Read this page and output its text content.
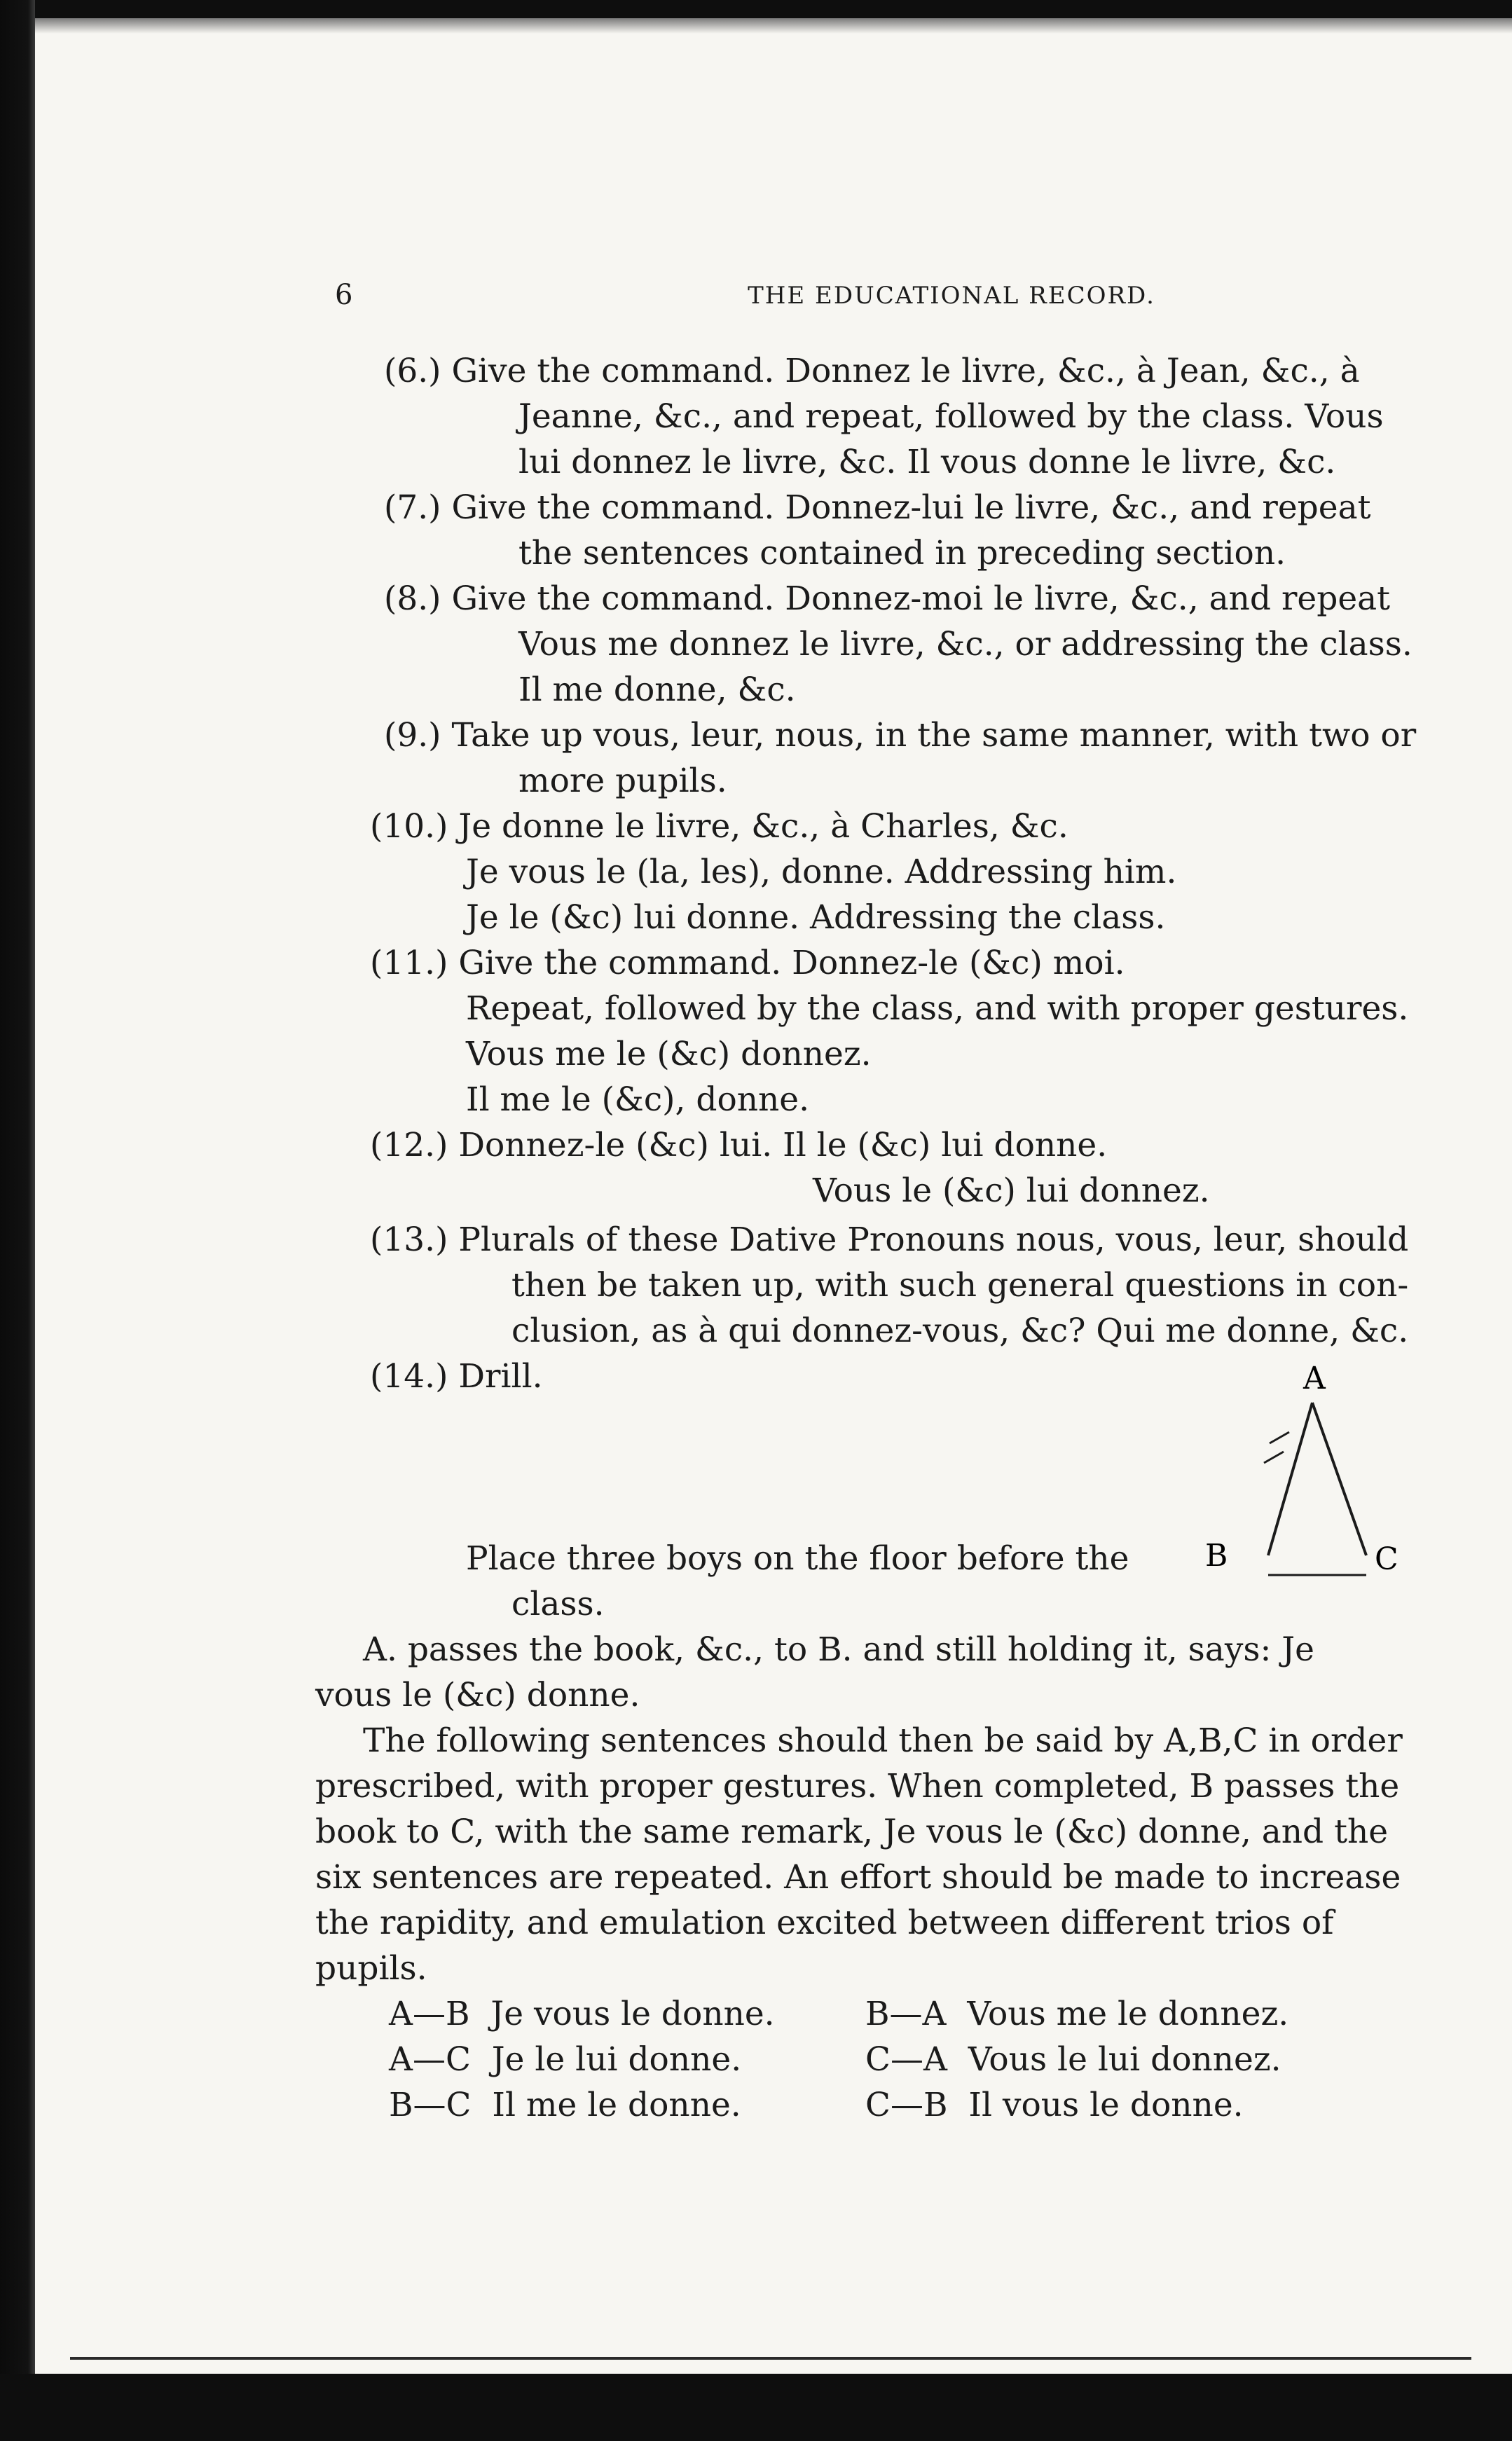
6	THE EDUCATIONAL RECORD.
(6.) Give the command. Donnez le livre, &c., à Jean, &c., à
Jeanne, &c., and repeat, followed by the class. Vous
lui donnez le livre, &c. Il vous donne le livre, &c.
(7.) Give the command. Donnez-lui le livre, &c., and repeat
the sentences contained in preceding section.
(8.) Give the command. Donnez-moi le livre, &c., and repeat
Vous me donnez le livre, &c., or addressing the class.
Il me donne, &c.
(9.) Take up vous, leur, nous, in the same manner, with two or
more pupils.
(10.) Je donne le livre, &c., à Charles, &c.
Je vous le (la, les), donne. Addressing him.
Je le (&c) lui donne. Addressing the class.
(11.) Give the command. Donnez-le (&c) moi.
Repeat, followed by the class, and with proper gestures.
Vous me le (&c) donnez.
Il me le (&c), donne.
(12.) Donnez-le (&c) lui. Il le (&c) lui donne.
Vous le (&c) lui donnez.
(13.) Plurals of these Dative Pronouns nous, vous, leur, should
then be taken up, with such general questions in con-
clusion, as à qui donnez-vous, &c? Qui me donne, &c.
(14.) Drill.	A
B	C
Place three boys on the floor before the
class.
A. passes the book, &c., to B. and still holding it, says: Je
vous le (&c) donne.
The following sentences should then be said by A,B,C in order
prescribed, with proper gestures. When completed, B passes the
book to C, with the same remark, Je vous le (&c) donne, and the
six sentences are repeated. An effort should be made to increase
the rapidity, and emulation excited between different trios of
pupils.
A—B Je vous le donne.	B—A Vous me le donnez.
A—C Je le lui donne.	C—A Vous le lui donnez.
B—C Il me le donne.	C—B Il vous le donne.
